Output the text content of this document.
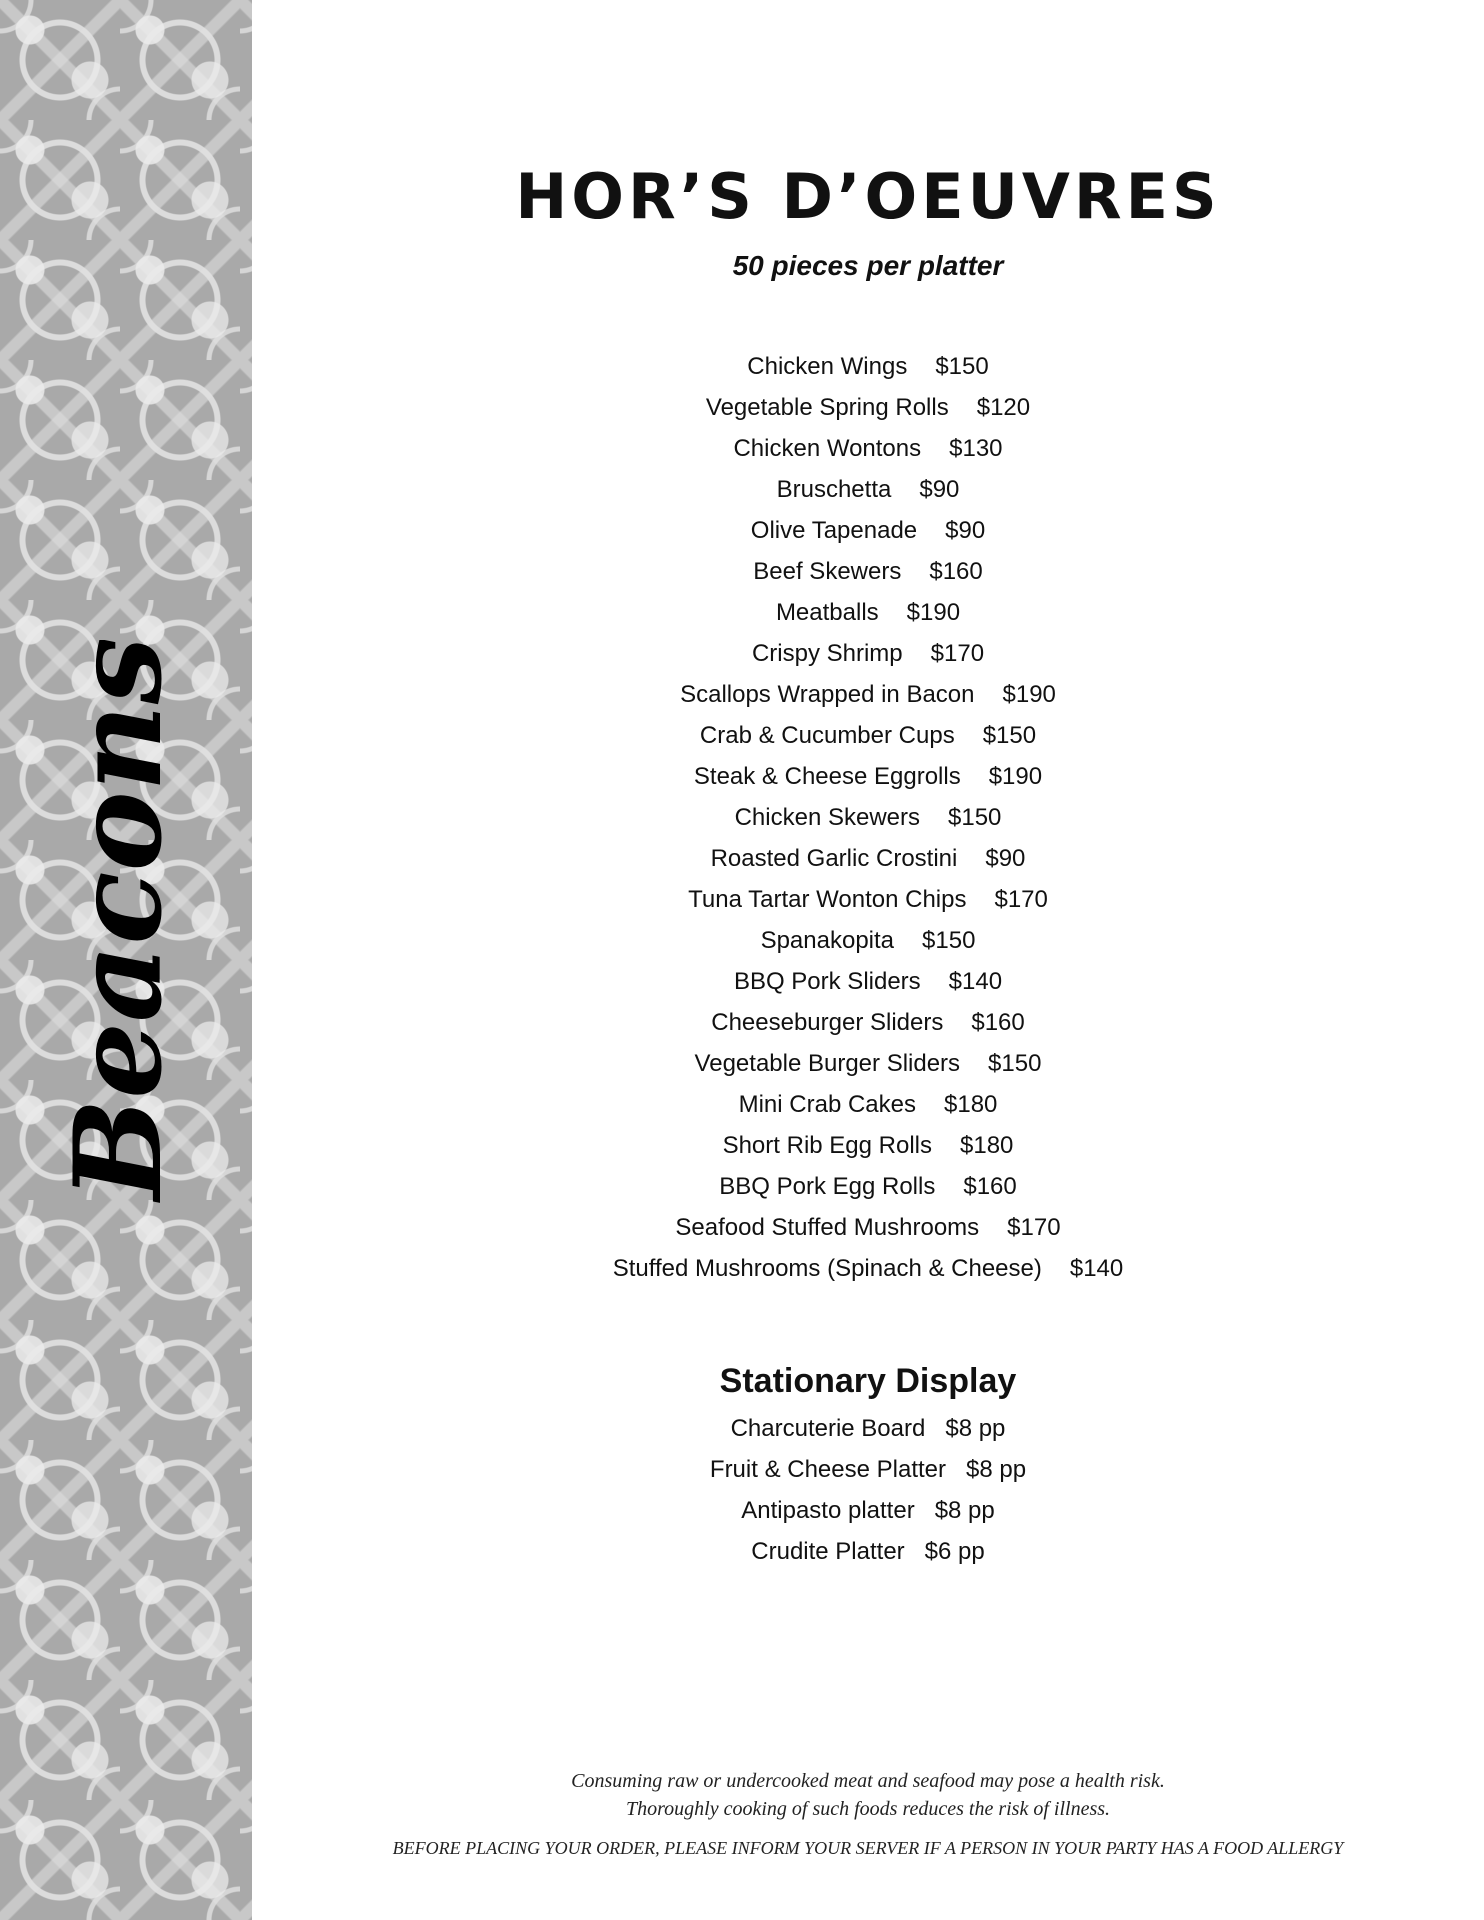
Beacons
HOR’S D’OEUVRES
50 pieces per platter
Chicken Wings $150
Vegetable Spring Rolls $120
Chicken Wontons $130
Bruschetta $90
Olive Tapenade $90
Beef Skewers $160
Meatballs $190
Crispy Shrimp $170
Scallops Wrapped in Bacon $190
Crab & Cucumber Cups $150
Steak & Cheese Eggrolls $190
Chicken Skewers $150
Roasted Garlic Crostini $90
Tuna Tartar Wonton Chips $170
Spanakopita $150
BBQ Pork Sliders $140
Cheeseburger Sliders $160
Vegetable Burger Sliders $150
Mini Crab Cakes $180
Short Rib Egg Rolls $180
BBQ Pork Egg Rolls $160
Seafood Stuffed Mushrooms $170
Stuffed Mushrooms (Spinach & Cheese) $140
Stationary Display
Charcuterie Board $8 pp
Fruit & Cheese Platter $8 pp
Antipasto platter $8 pp
Crudite Platter $6 pp
Consuming raw or undercooked meat and seafood may pose a health risk.
Thoroughly cooking of such foods reduces the risk of illness.
BEFORE PLACING YOUR ORDER, PLEASE INFORM YOUR SERVER IF A PERSON IN YOUR PARTY HAS A FOOD ALLERGY
